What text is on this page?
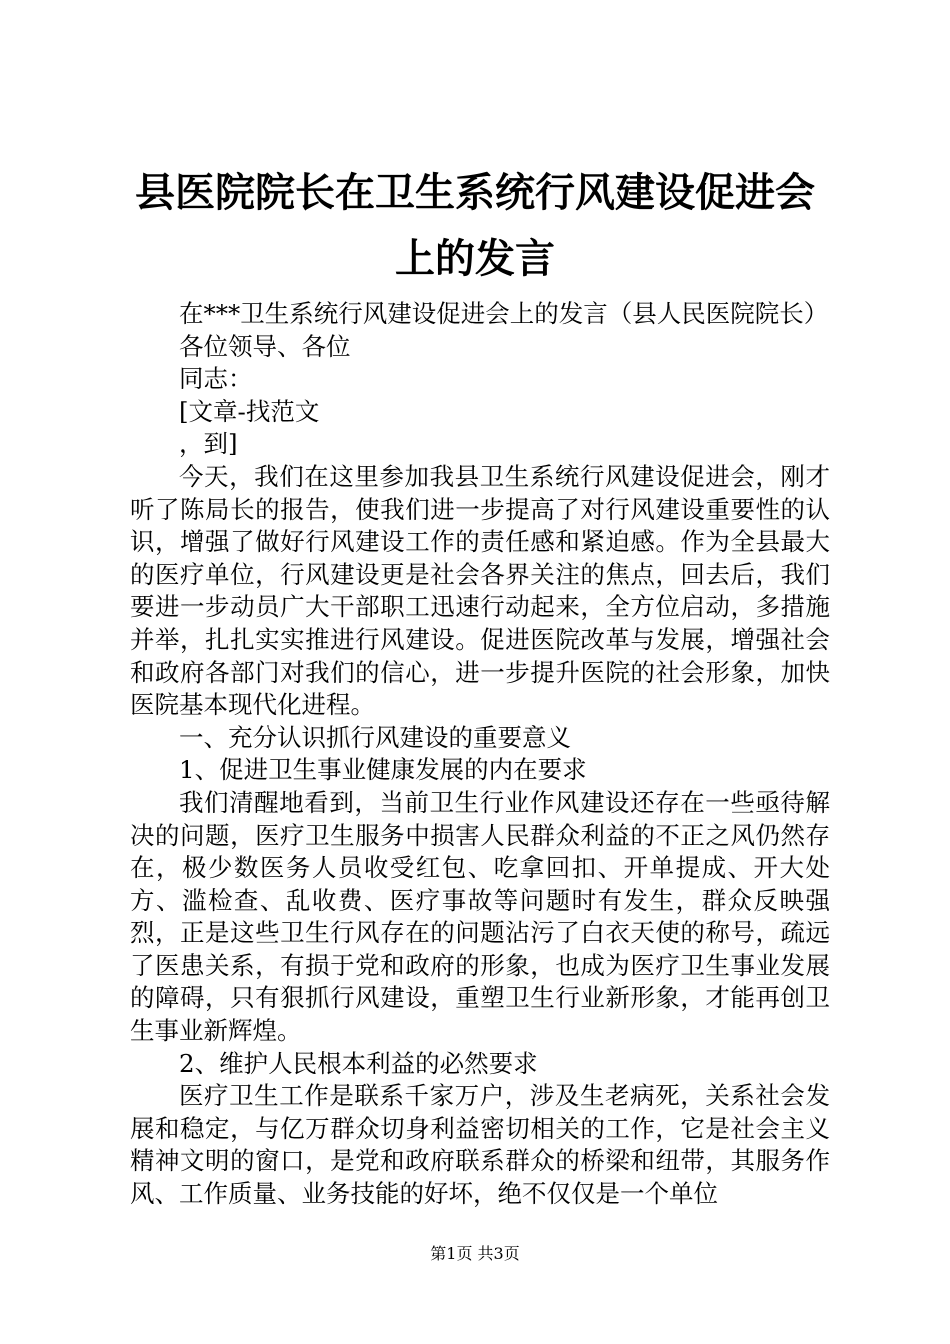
县医院院长在卫生系统行风建设促进会上的发言

在***卫生系统行风建设促进会上的发言（县人民医院院长）

各位领导、各位

同志：

[文章-找范文

，到]

今天，我们在这里参加我县卫生系统行风建设促进会，刚才听了陈局长的报告，使我们进一步提高了对行风建设重要性的认识，增强了做好行风建设工作的责任感和紧迫感。作为全县最大的医疗单位，行风建设更是社会各界关注的焦点，回去后，我们要进一步动员广大干部职工迅速行动起来，全方位启动，多措施并举，扎扎实实推进行风建设。促进医院改革与发展，增强社会和政府各部门对我们的信心，进一步提升医院的社会形象，加快医院基本现代化进程。

一、充分认识抓行风建设的重要意义

1、促进卫生事业健康发展的内在要求

我们清醒地看到，当前卫生行业作风建设还存在一些亟待解决的问题，医疗卫生服务中损害人民群众利益的不正之风仍然存在，极少数医务人员收受红包、吃拿回扣、开单提成、开大处方、滥检查、乱收费、医疗事故等问题时有发生，群众反映强烈，正是这些卫生行风存在的问题沾污了白衣天使的称号，疏远了医患关系，有损于党和政府的形象，也成为医疗卫生事业发展的障碍，只有狠抓行风建设，重塑卫生行业新形象，才能再创卫生事业新辉煌。

2、维护人民根本利益的必然要求

医疗卫生工作是联系千家万户，涉及生老病死，关系社会发展和稳定，与亿万群众切身利益密切相关的工作，它是社会主义精神文明的窗口，是党和政府联系群众的桥梁和纽带，其服务作风、工作质量、业务技能的好坏，绝不仅仅是一个单位

第1页 共3页
